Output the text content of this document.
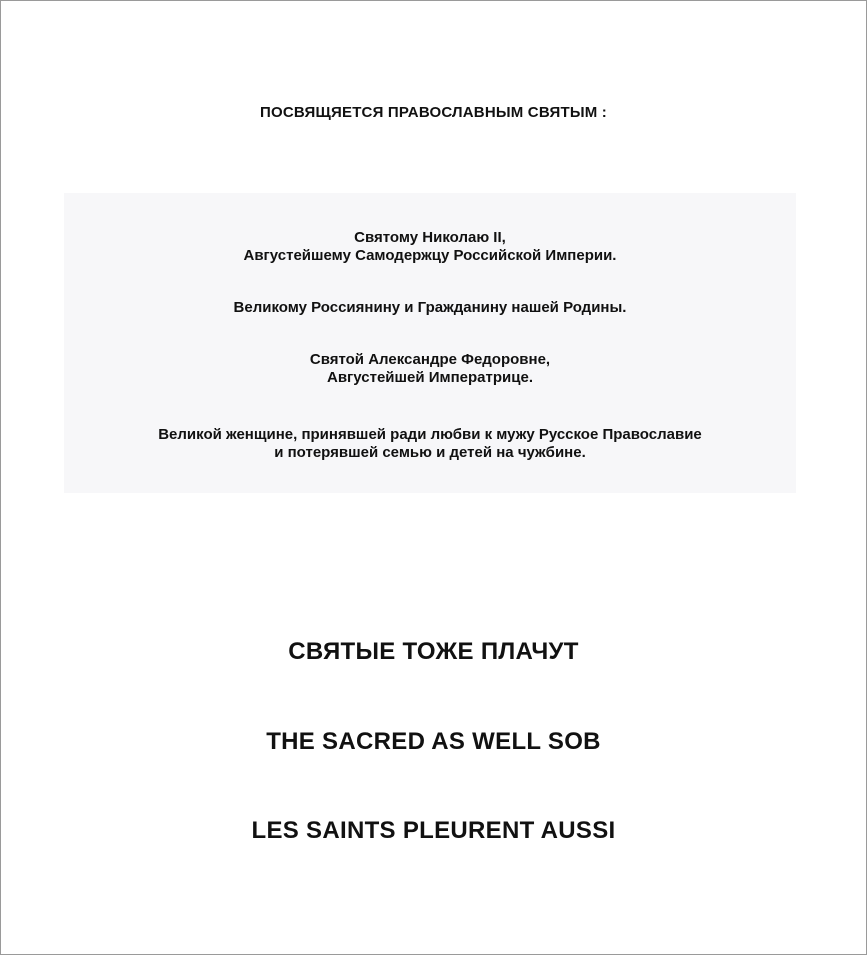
ПОСВЯЩЯЕТСЯ ПРАВОСЛАВНЫМ СВЯТЫМ :
Святому Николаю II,
Августейшему Самодержцу Российской Империи.
Великому Россиянину и Гражданину нашей Родины.
Святой Александре Федоровне,
Августейшей Императрице.
Великой женщине, принявшей ради любви к мужу Русское Православие
и потерявшей семью и детей на чужбине.
СВЯТЫЕ ТОЖЕ ПЛАЧУТ
THE SACRED AS WELL SOB
LES SAINTS PLEURENT AUSSI
